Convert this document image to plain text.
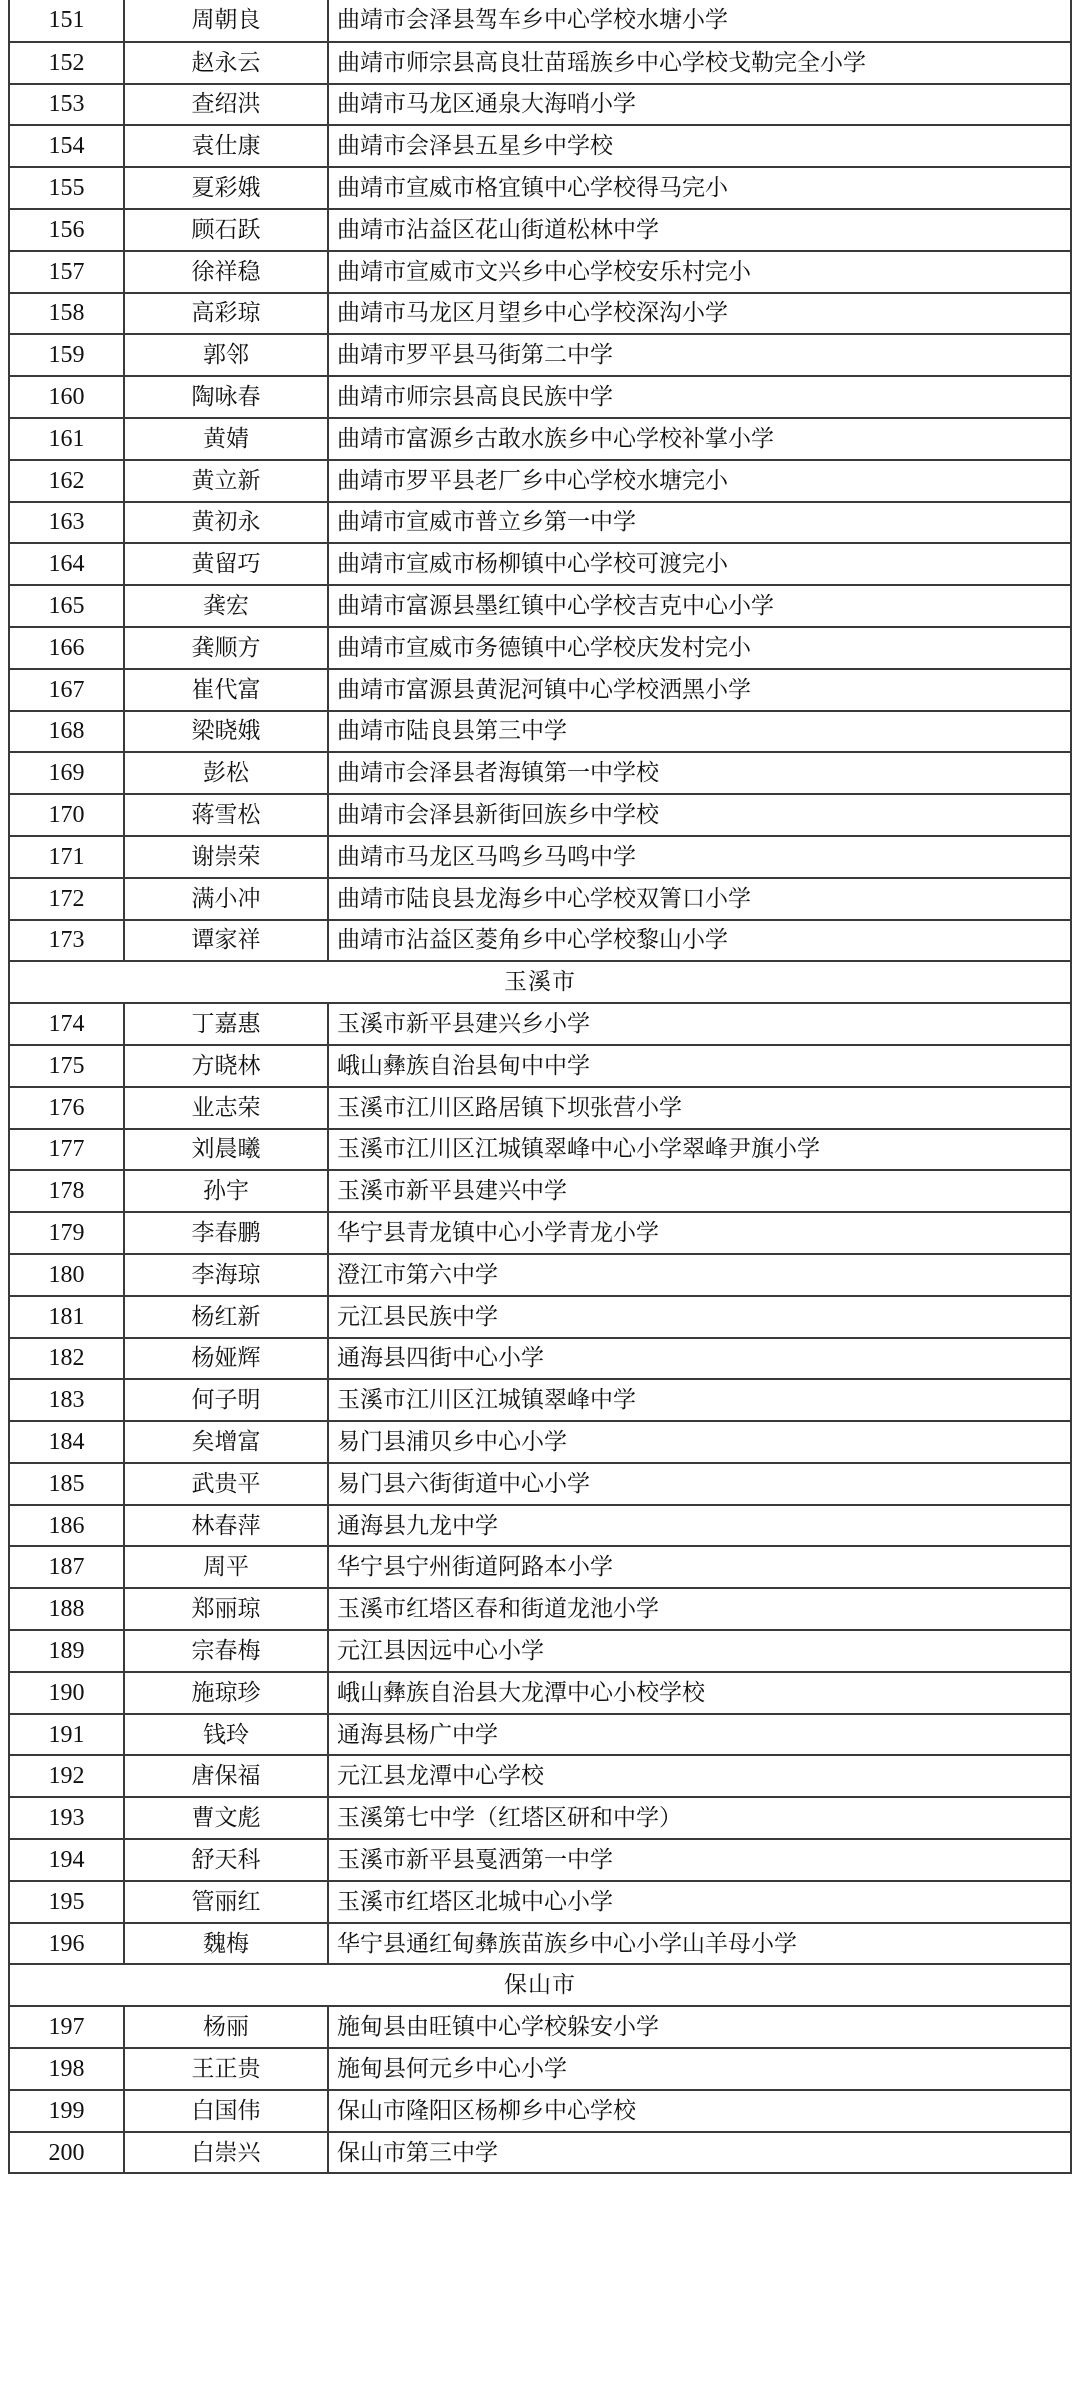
151	周朝良	曲靖市会泽县驾车乡中心学校水塘小学
152	赵永云	曲靖市师宗县高良壮苗瑶族乡中心学校戈勒完全小学
153	查绍洪	曲靖市马龙区通泉大海哨小学
154	袁仕康	曲靖市会泽县五星乡中学校
155	夏彩娥	曲靖市宣威市格宜镇中心学校得马完小
156	顾石跃	曲靖市沾益区花山街道松林中学
157	徐祥稳	曲靖市宣威市文兴乡中心学校安乐村完小
158	高彩琼	曲靖市马龙区月望乡中心学校深沟小学
159	郭邻	曲靖市罗平县马街第二中学
160	陶咏春	曲靖市师宗县高良民族中学
161	黄婧	曲靖市富源乡古敢水族乡中心学校补掌小学
162	黄立新	曲靖市罗平县老厂乡中心学校水塘完小
163	黄初永	曲靖市宣威市普立乡第一中学
164	黄留巧	曲靖市宣威市杨柳镇中心学校可渡完小
165	龚宏	曲靖市富源县墨红镇中心学校吉克中心小学
166	龚顺方	曲靖市宣威市务德镇中心学校庆发村完小
167	崔代富	曲靖市富源县黄泥河镇中心学校洒黑小学
168	梁晓娥	曲靖市陆良县第三中学
169	彭松	曲靖市会泽县者海镇第一中学校
170	蒋雪松	曲靖市会泽县新街回族乡中学校
171	谢崇荣	曲靖市马龙区马鸣乡马鸣中学
172	满小冲	曲靖市陆良县龙海乡中心学校双箐口小学
173	谭家祥	曲靖市沾益区菱角乡中心学校黎山小学
玉溪市		
174	丁嘉惠	玉溪市新平县建兴乡小学
175	方晓林	峨山彝族自治县甸中中学
176	业志荣	玉溪市江川区路居镇下坝张营小学
177	刘晨曦	玉溪市江川区江城镇翠峰中心小学翠峰尹旗小学
178	孙宇	玉溪市新平县建兴中学
179	李春鹏	华宁县青龙镇中心小学青龙小学
180	李海琼	澄江市第六中学
181	杨红新	元江县民族中学
182	杨娅辉	通海县四街中心小学
183	何子明	玉溪市江川区江城镇翠峰中学
184	矣增富	易门县浦贝乡中心小学
185	武贵平	易门县六街街道中心小学
186	林春萍	通海县九龙中学
187	周平	华宁县宁州街道阿路本小学
188	郑丽琼	玉溪市红塔区春和街道龙池小学
189	宗春梅	元江县因远中心小学
190	施琼珍	峨山彝族自治县大龙潭中心小校学校
191	钱玲	通海县杨广中学
192	唐保福	元江县龙潭中心学校
193	曹文彪	玉溪第七中学（红塔区研和中学）
194	舒天科	玉溪市新平县戛洒第一中学
195	管丽红	玉溪市红塔区北城中心小学
196	魏梅	华宁县通红甸彝族苗族乡中心小学山羊母小学
保山市		
197	杨丽	施甸县由旺镇中心学校躲安小学
198	王正贵	施甸县何元乡中心小学
199	白国伟	保山市隆阳区杨柳乡中心学校
200	白崇兴	保山市第三中学
